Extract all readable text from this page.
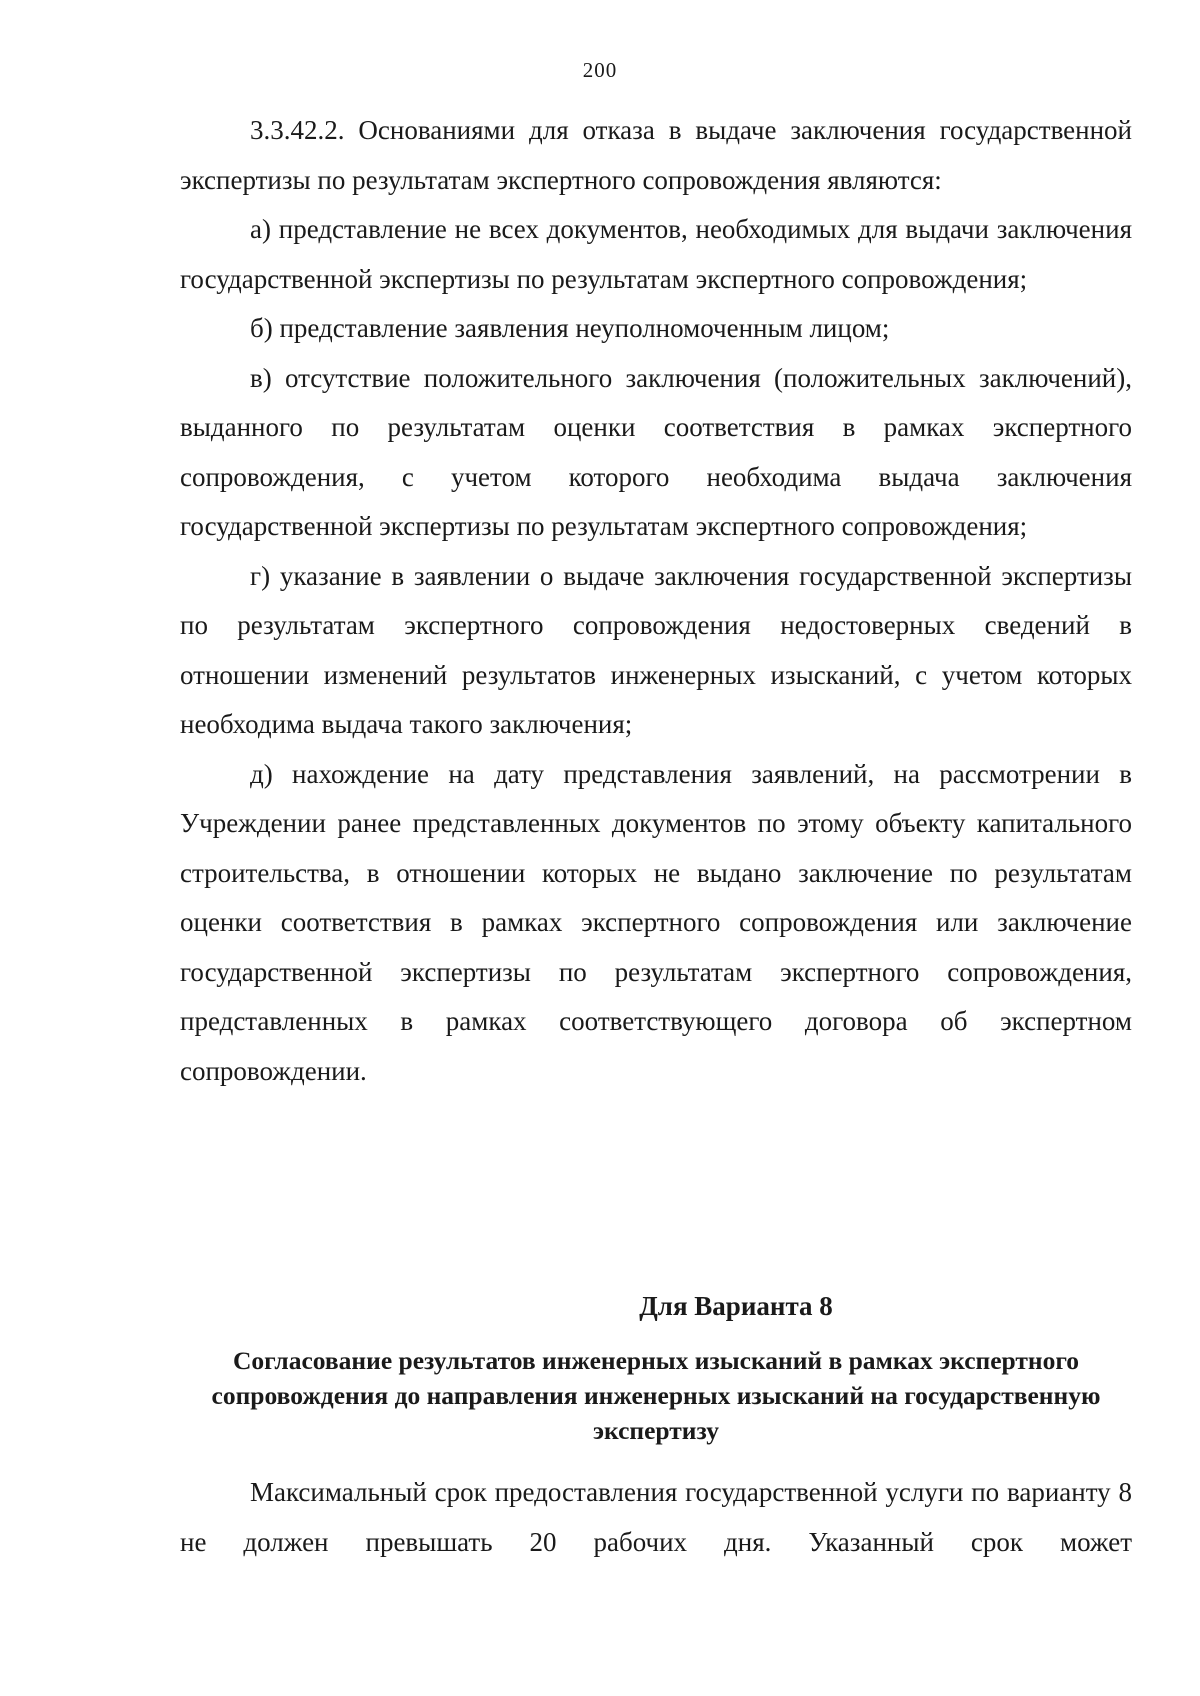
200

3.3.42.2. Основаниями для отказа в выдаче заключения государственной экспертизы по результатам экспертного сопровождения являются:

а) представление не всех документов, необходимых для выдачи заключения государственной экспертизы по результатам экспертного сопровождения;

б) представление заявления неуполномоченным лицом;

в) отсутствие положительного заключения (положительных заключений), выданного по результатам оценки соответствия в рамках экспертного сопровождения, с учетом которого необходима выдача заключения государственной экспертизы по результатам экспертного сопровождения;

г) указание в заявлении о выдаче заключения государственной экспертизы по результатам экспертного сопровождения недостоверных сведений в отношении изменений результатов инженерных изысканий, с учетом которых необходима выдача такого заключения;

д) нахождение на дату представления заявлений, на рассмотрении в Учреждении ранее представленных документов по этому объекту капитального строительства, в отношении которых не выдано заключение по результатам оценки соответствия в рамках экспертного сопровождения или заключение государственной экспертизы по результатам экспертного сопровождения, представленных в рамках соответствующего договора об экспертном сопровождении.

Для Варианта 8
Согласование результатов инженерных изысканий в рамках экспертного сопровождения до направления инженерных изысканий на государственную экспертизу

Максимальный срок предоставления государственной услуги по варианту 8 не должен превышать 20 рабочих дня. Указанный срок может
